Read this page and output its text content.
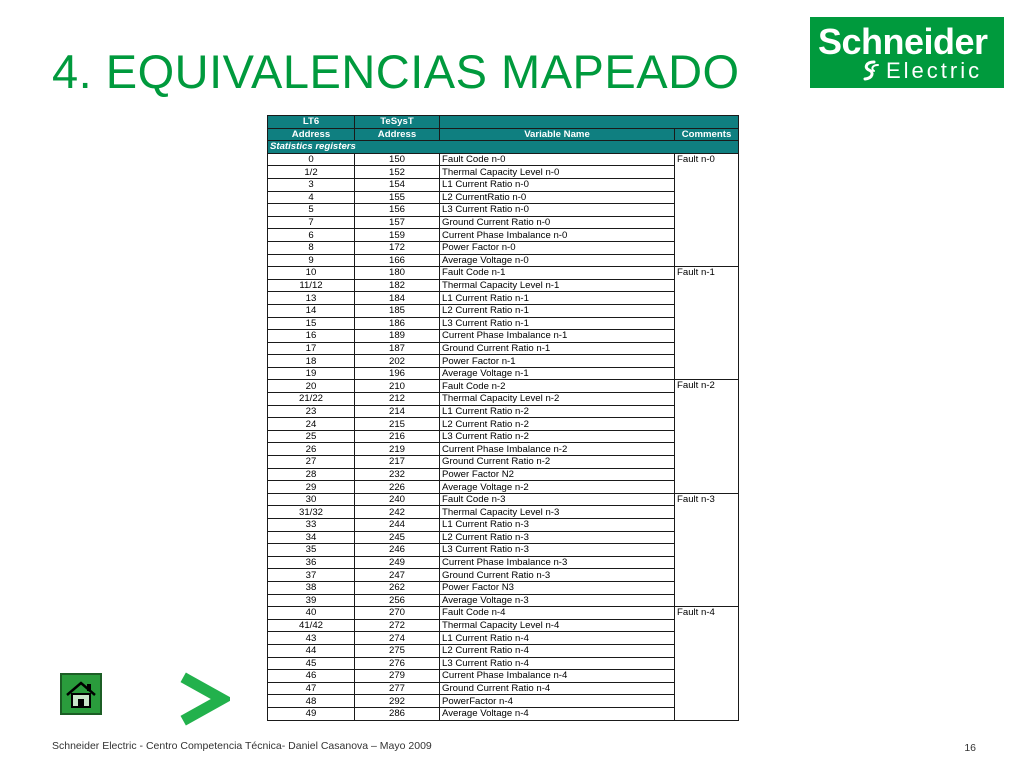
4. EQUIVALENCIAS MAPEADO
Schneider
Electric
LT6	TeSysT		
Address	Address	Variable Name	Comments
Statistics registers			
0	150	Fault Code n-0	Fault n-0
1/2	152	Thermal Capacity Level n-0	
3	154	L1 Current Ratio n-0	
4	155	L2 CurrentRatio n-0	
5	156	L3 Current Ratio n-0	
7	157	Ground Current Ratio n-0	
6	159	Current Phase Imbalance n-0	
8	172	Power Factor n-0	
9	166	Average Voltage n-0	
10	180	Fault Code n-1	Fault n-1
11/12	182	Thermal Capacity Level n-1	
13	184	L1 Current Ratio n-1	
14	185	L2 Current Ratio n-1	
15	186	L3 Current Ratio n-1	
16	189	Current Phase Imbalance n-1	
17	187	Ground Current Ratio n-1	
18	202	Power Factor n-1	
19	196	Average Voltage n-1	
20	210	Fault Code n-2	Fault n-2
21/22	212	Thermal Capacity Level n-2	
23	214	L1 Current Ratio n-2	
24	215	L2 Current Ratio n-2	
25	216	L3 Current Ratio n-2	
26	219	Current Phase Imbalance n-2	
27	217	Ground Current Ratio n-2	
28	232	Power Factor N2	
29	226	Average Voltage n-2	
30	240	Fault Code n-3	Fault n-3
31/32	242	Thermal Capacity Level n-3	
33	244	L1 Current Ratio n-3	
34	245	L2 Current Ratio n-3	
35	246	L3 Current Ratio n-3	
36	249	Current Phase Imbalance n-3	
37	247	Ground Current Ratio n-3	
38	262	Power Factor N3	
39	256	Average Voltage n-3	
40	270	Fault Code n-4	Fault n-4
41/42	272	Thermal Capacity Level n-4	
43	274	L1 Current Ratio n-4	
44	275	L2 Current Ratio n-4	
45	276	L3 Current Ratio n-4	
46	279	Current Phase Imbalance n-4	
47	277	Ground Current Ratio n-4	
48	292	PowerFactor n-4	
49	286	Average Voltage n-4	
Schneider Electric - Centro Competencia Técnica- Daniel Casanova – Mayo 2009	16
